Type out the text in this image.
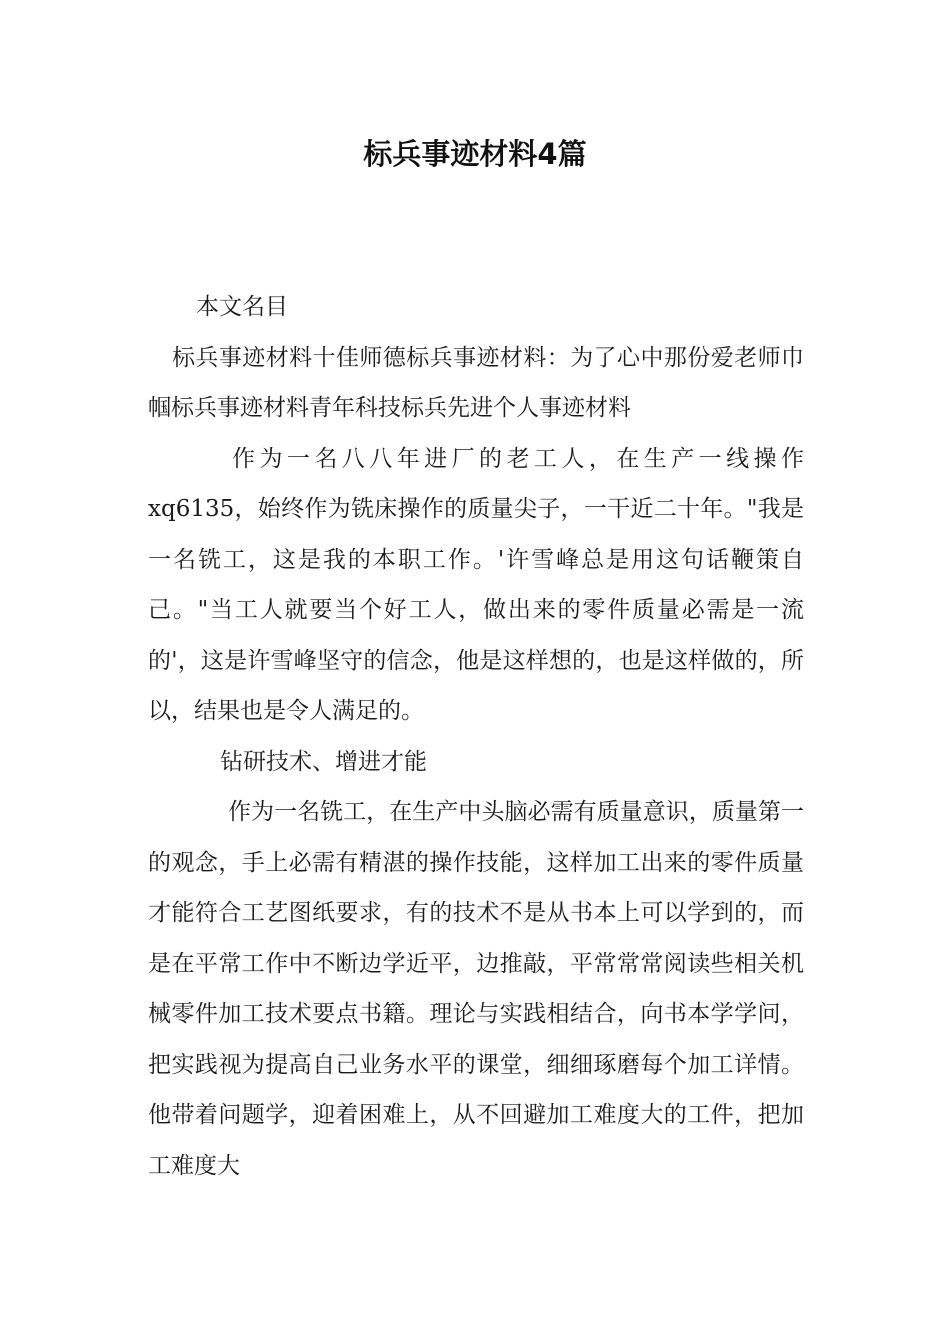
标兵事迹材料4篇

本文名目

标兵事迹材料十佳师德标兵事迹材料：为了心中那份爱老师巾帼标兵事迹材料青年科技标兵先进个人事迹材料

作为一名八八年进厂的老工人，在生产一线操作xq6135，始终作为铣床操作的质量尖子，一干近二十年。"我是一名铣工，这是我的本职工作。'许雪峰总是用这句话鞭策自己。"当工人就要当个好工人，做出来的零件质量必需是一流的'，这是许雪峰坚守的信念，他是这样想的，也是这样做的，所以，结果也是令人满足的。

钻研技术、增进才能

作为一名铣工，在生产中头脑必需有质量意识，质量第一的观念，手上必需有精湛的操作技能，这样加工出来的零件质量才能符合工艺图纸要求，有的技术不是从书本上可以学到的，而是在平常工作中不断边学近平，边推敲，平常常常阅读些相关机械零件加工技术要点书籍。理论与实践相结合，向书本学学问，把实践视为提高自己业务水平的课堂，细细琢磨每个加工详情。他带着问题学，迎着困难上，从不回避加工难度大的工件，把加工难度大
